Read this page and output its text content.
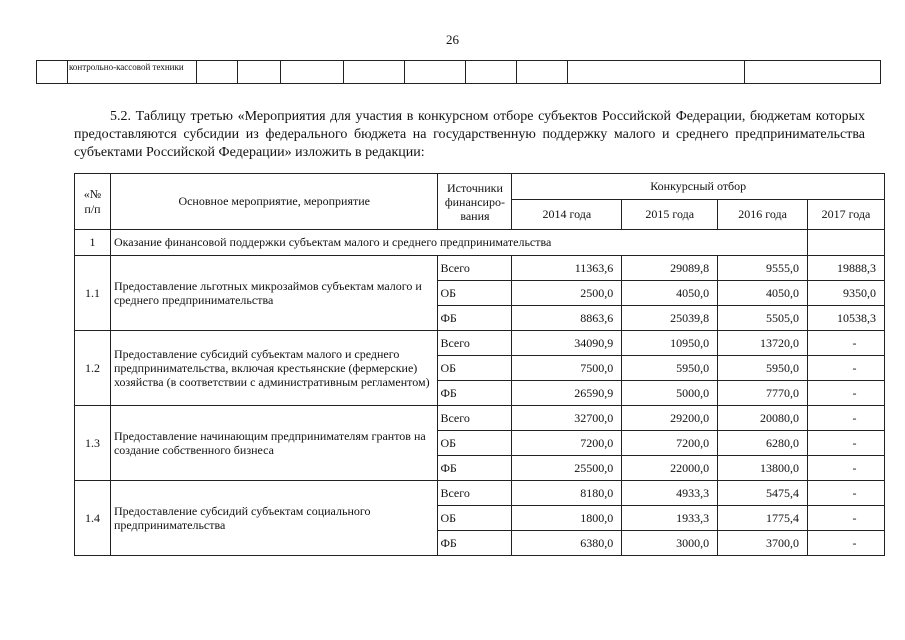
26
	контрольно-кассовой техники									
5.2. Таблицу третью «Мероприятия для участия в конкурсном отборе субъектов Российской Федерации, бюджетам которых предоставляются субсидии из федерального бюджета на государственную поддержку малого и среднего предпринимательства субъектами Российской Федерации» изложить в редакции:
«№ п/п	Основное мероприятие, мероприятие	Источники финансиро-вания	Конкурсный отбор			
			2014 года	2015 года	2016 года	2017 года
1	Оказание финансовой поддержки субъектам малого и среднего предпринимательства					
1.1	Предоставление льготных микрозаймов субъектам малого и среднего предпринимательства	Всего	11363,6	29089,8	9555,0	19888,3
		ОБ	2500,0	4050,0	4050,0	9350,0
		ФБ	8863,6	25039,8	5505,0	10538,3
1.2	Предоставление субсидий субъектам малого и среднего предпринимательства, включая крестьянские (фермерские) хозяйства (в соответствии с административным регламентом)	Всего	34090,9	10950,0	13720,0	-
		ОБ	7500,0	5950,0	5950,0	-
		ФБ	26590,9	5000,0	7770,0	-
1.3	Предоставление начинающим предпринимателям грантов на создание собственного бизнеса	Всего	32700,0	29200,0	20080,0	-
		ОБ	7200,0	7200,0	6280,0	-
		ФБ	25500,0	22000,0	13800,0	-
1.4	Предоставление субсидий субъектам социального предпринимательства	Всего	8180,0	4933,3	5475,4	-
		ОБ	1800,0	1933,3	1775,4	-
		ФБ	6380,0	3000,0	3700,0	-
